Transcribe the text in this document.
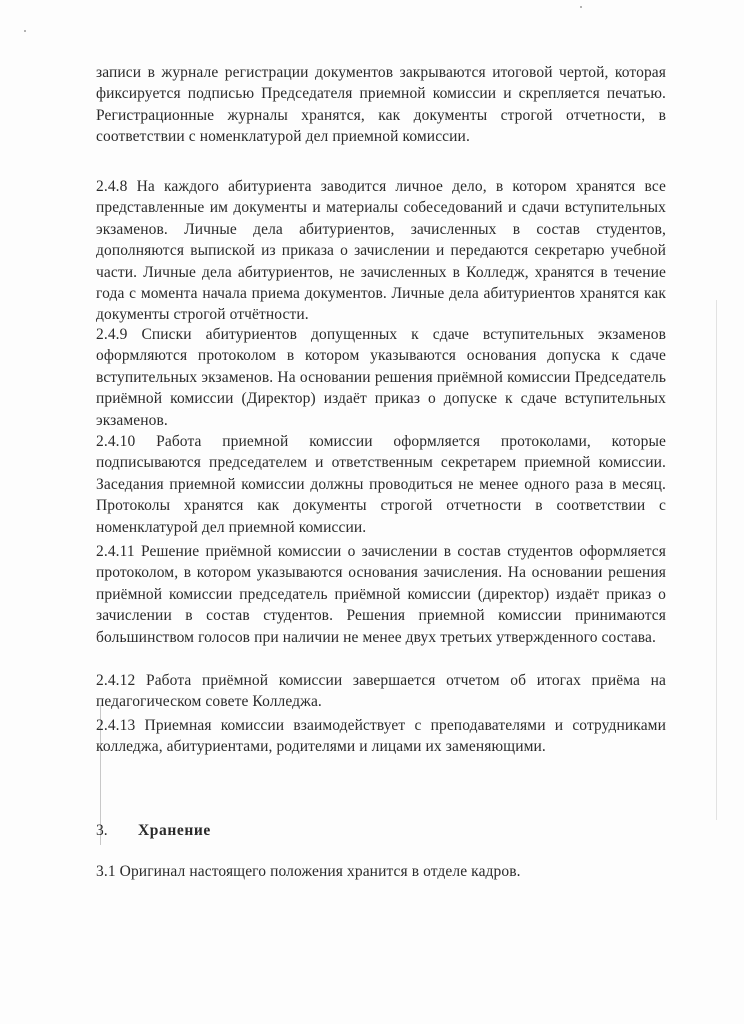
записи в журнале регистрации документов закрываются итоговой чертой, которая фиксируется подписью Председателя приемной комиссии и скрепляется печатью. Регистрационные журналы хранятся, как документы строгой отчетности, в соответствии с номенклатурой дел приемной комиссии.
2.4.8 На каждого абитуриента заводится личное дело, в котором хранятся все представленные им документы и материалы собеседований и сдачи вступительных экзаменов. Личные дела абитуриентов, зачисленных в состав студентов, дополняются выпиской из приказа о зачислении и передаются секретарю учебной части. Личные дела абитуриентов, не зачисленных в Колледж, хранятся в течение года с момента начала приема документов. Личные дела абитуриентов хранятся как документы строгой отчётности.
2.4.9 Списки абитуриентов допущенных к сдаче вступительных экзаменов оформляются протоколом в котором указываются основания допуска к сдаче вступительных экзаменов. На основании решения приёмной комиссии Председатель приёмной комиссии (Директор) издаёт приказ о допуске к сдаче вступительных экзаменов.
2.4.10 Работа приемной комиссии оформляется протоколами, которые подписываются председателем и ответственным секретарем приемной комиссии. Заседания приемной комиссии должны проводиться не менее одного раза в месяц. Протоколы хранятся как документы строгой отчетности в соответствии с номенклатурой дел приемной комиссии.
2.4.11 Решение приёмной комиссии о зачислении в состав студентов оформляется протоколом, в котором указываются основания зачисления. На основании решения приёмной комиссии председатель приёмной комиссии (директор) издаёт приказ о зачислении в состав студентов. Решения приемной комиссии принимаются большинством голосов при наличии не менее двух третьих утвержденного состава.
2.4.12 Работа приёмной комиссии завершается отчетом об итогах приёма на педагогическом совете Колледжа.
2.4.13 Приемная комиссии взаимодействует с преподавателями и сотрудниками колледжа, абитуриентами, родителями и лицами их заменяющими.
3. Хранение
3.1 Оригинал настоящего положения хранится в отделе кадров.
